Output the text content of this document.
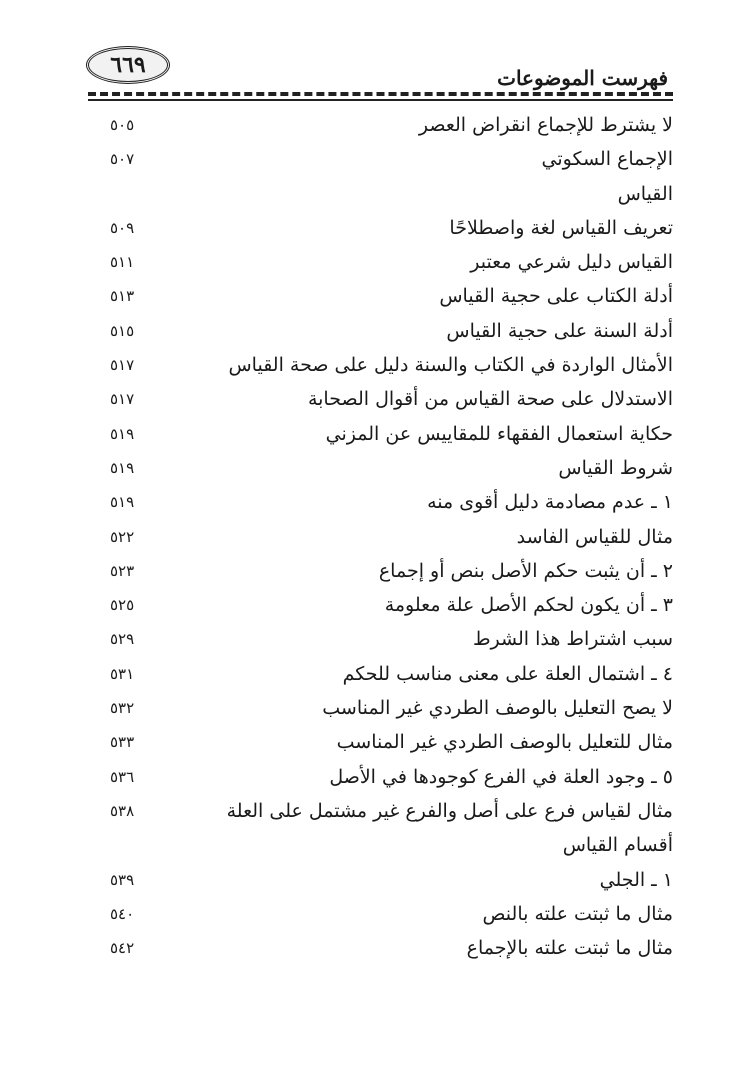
٦٦٩	فهرست الموضوعات
لا يشترط للإجماع انقراض العصر
٥٠٥
الإجماع السكوتي
٥٠٧
القياس
تعريف القياس لغة واصطلاحًا
٥٠٩
القياس دليل شرعي معتبر
٥١١
أدلة الكتاب على حجية القياس
٥١٣
أدلة السنة على حجية القياس
٥١٥
الأمثال الواردة في الكتاب والسنة دليل على صحة القياس
٥١٧
الاستدلال على صحة القياس من أقوال الصحابة
٥١٧
حكاية استعمال الفقهاء للمقاييس عن المزني
٥١٩
شروط القياس
٥١٩
١ ـ عدم مصادمة دليل أقوى منه
٥١٩
مثال للقياس الفاسد
٥٢٢
٢ ـ أن يثبت حكم الأصل بنص أو إجماع
٥٢٣
٣ ـ أن يكون لحكم الأصل علة معلومة
٥٢٥
سبب اشتراط هذا الشرط
٥٢٩
٤ ـ اشتمال العلة على معنى مناسب للحكم
٥٣١
لا يصح التعليل بالوصف الطردي غير المناسب
٥٣٢
مثال للتعليل بالوصف الطردي غير المناسب
٥٣٣
٥ ـ وجود العلة في الفرع كوجودها في الأصل
٥٣٦
مثال لقياس فرع على أصل والفرع غير مشتمل على العلة
٥٣٨
أقسام القياس
١ ـ الجلي
٥٣٩
مثال ما ثبتت علته بالنص
٥٤٠
مثال ما ثبتت علته بالإجماع
٥٤٢
